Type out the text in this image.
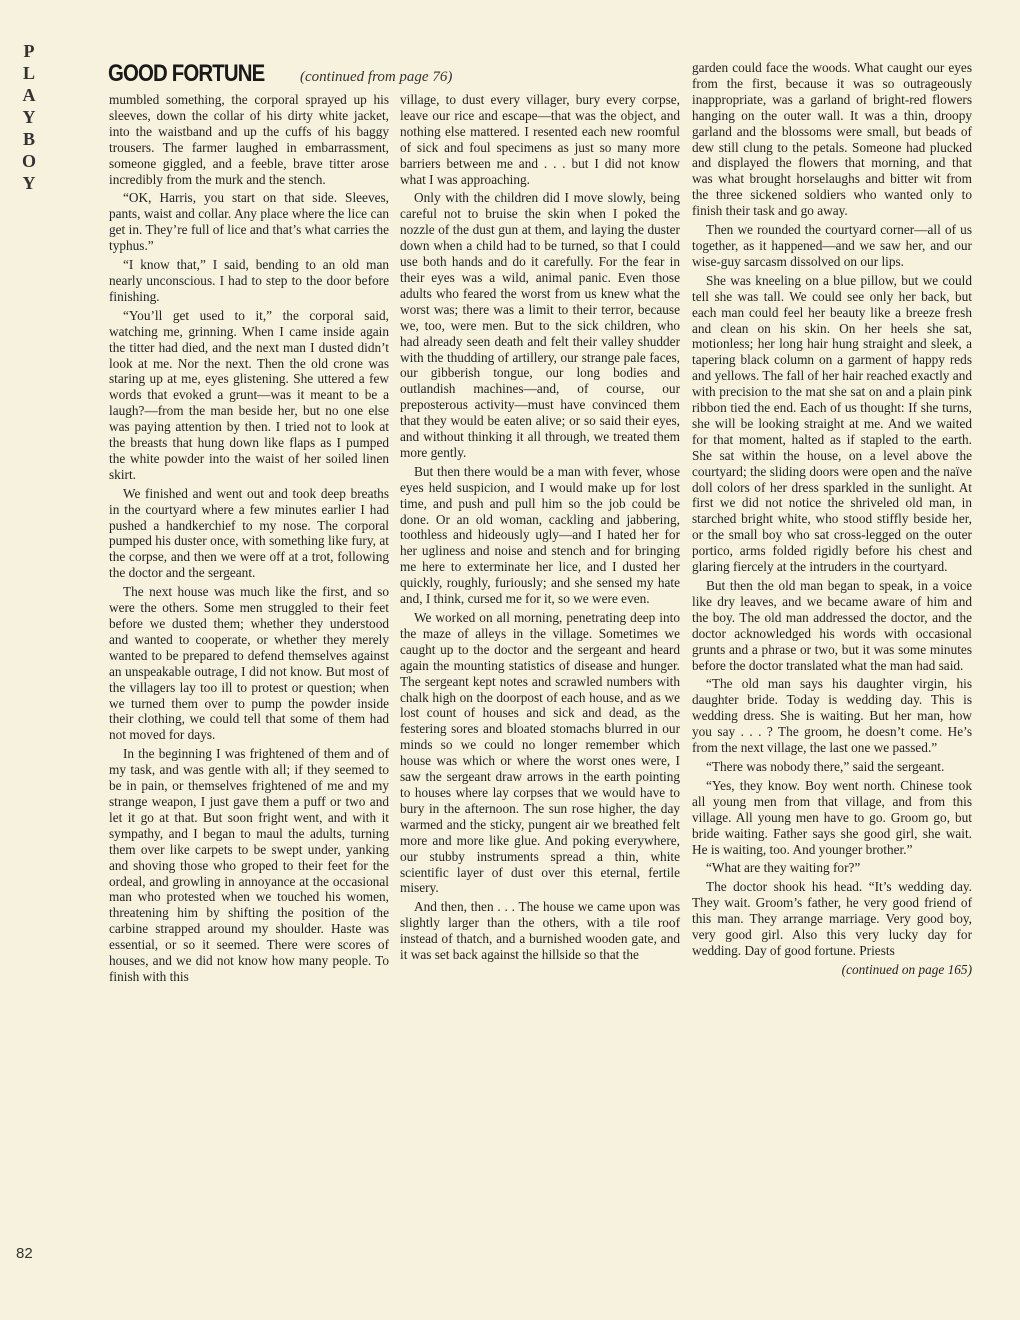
P
L
A
Y
B
O
Y
82
GOOD FORTUNE (continued from page 76)

mumbled something, the corporal sprayed up his sleeves, down the collar of his dirty white jacket, into the waistband and up the cuffs of his baggy trousers. The farmer laughed in embarrassment, someone giggled, and a feeble, brave titter arose incredibly from the murk and the stench.

“OK, Harris, you start on that side. Sleeves, pants, waist and collar. Any place where the lice can get in. They’re full of lice and that’s what carries the typhus.”

“I know that,” I said, bending to an old man nearly unconscious. I had to step to the door before finishing.

“You’ll get used to it,” the corporal said, watching me, grinning. When I came inside again the titter had died, and the next man I dusted didn’t look at me. Nor the next. Then the old crone was staring up at me, eyes glistening. She uttered a few words that evoked a grunt—was it meant to be a laugh?—from the man beside her, but no one else was paying attention by then. I tried not to look at the breasts that hung down like flaps as I pumped the white powder into the waist of her soiled linen skirt.

We finished and went out and took deep breaths in the courtyard where a few minutes earlier I had pushed a handkerchief to my nose. The corporal pumped his duster once, with something like fury, at the corpse, and then we were off at a trot, following the doctor and the sergeant.

The next house was much like the first, and so were the others. Some men struggled to their feet before we dusted them; whether they understood and wanted to cooperate, or whether they merely wanted to be prepared to defend themselves against an unspeakable outrage, I did not know. But most of the villagers lay too ill to protest or question; when we turned them over to pump the powder inside their clothing, we could tell that some of them had not moved for days.

In the beginning I was frightened of them and of my task, and was gentle with all; if they seemed to be in pain, or themselves frightened of me and my strange weapon, I just gave them a puff or two and let it go at that. But soon fright went, and with it sympathy, and I began to maul the adults, turning them over like carpets to be swept under, yanking and shoving those who groped to their feet for the ordeal, and growling in annoyance at the occasional man who protested when we touched his women, threatening him by shifting the position of the carbine strapped around my shoulder. Haste was essential, or so it seemed. There were scores of houses, and we did not know how many people. To finish with this

village, to dust every villager, bury every corpse, leave our rice and escape—that was the object, and nothing else mattered. I resented each new roomful of sick and foul specimens as just so many more barriers between me and . . . but I did not know what I was approaching.

Only with the children did I move slowly, being careful not to bruise the skin when I poked the nozzle of the dust gun at them, and laying the duster down when a child had to be turned, so that I could use both hands and do it carefully. For the fear in their eyes was a wild, animal panic. Even those adults who feared the worst from us knew what the worst was; there was a limit to their terror, because we, too, were men. But to the sick children, who had already seen death and felt their valley shudder with the thudding of artillery, our strange pale faces, our gibberish tongue, our long bodies and outlandish machines—and, of course, our preposterous activity—must have convinced them that they would be eaten alive; or so said their eyes, and without thinking it all through, we treated them more gently.

But then there would be a man with fever, whose eyes held suspicion, and I would make up for lost time, and push and pull him so the job could be done. Or an old woman, cackling and jabbering, toothless and hideously ugly—and I hated her for her ugliness and noise and stench and for bringing me here to exterminate her lice, and I dusted her quickly, roughly, furiously; and she sensed my hate and, I think, cursed me for it, so we were even.

We worked on all morning, penetrating deep into the maze of alleys in the village. Sometimes we caught up to the doctor and the sergeant and heard again the mounting statistics of disease and hunger. The sergeant kept notes and scrawled numbers with chalk high on the doorpost of each house, and as we lost count of houses and sick and dead, as the festering sores and bloated stomachs blurred in our minds so we could no longer remember which house was which or where the worst ones were, I saw the sergeant draw arrows in the earth pointing to houses where lay corpses that we would have to bury in the afternoon. The sun rose higher, the day warmed and the sticky, pungent air we breathed felt more and more like glue. And poking everywhere, our stubby instruments spread a thin, white scientific layer of dust over this eternal, fertile misery.

And then, then . . . The house we came upon was slightly larger than the others, with a tile roof instead of thatch, and a burnished wooden gate, and it was set back against the hillside so that the

garden could face the woods. What caught our eyes from the first, because it was so outrageously inappropriate, was a garland of bright-red flowers hanging on the outer wall. It was a thin, droopy garland and the blossoms were small, but beads of dew still clung to the petals. Someone had plucked and displayed the flowers that morning, and that was what brought horselaughs and bitter wit from the three sickened soldiers who wanted only to finish their task and go away.

Then we rounded the courtyard corner—all of us together, as it happened—and we saw her, and our wise-guy sarcasm dissolved on our lips.

She was kneeling on a blue pillow, but we could tell she was tall. We could see only her back, but each man could feel her beauty like a breeze fresh and clean on his skin. On her heels she sat, motionless; her long hair hung straight and sleek, a tapering black column on a garment of happy reds and yellows. The fall of her hair reached exactly and with precision to the mat she sat on and a plain pink ribbon tied the end. Each of us thought: If she turns, she will be looking straight at me. And we waited for that moment, halted as if stapled to the earth. She sat within the house, on a level above the courtyard; the sliding doors were open and the naïve doll colors of her dress sparkled in the sunlight. At first we did not notice the shriveled old man, in starched bright white, who stood stiffly beside her, or the small boy who sat cross-legged on the outer portico, arms folded rigidly before his chest and glaring fiercely at the intruders in the courtyard.

But then the old man began to speak, in a voice like dry leaves, and we became aware of him and the boy. The old man addressed the doctor, and the doctor acknowledged his words with occasional grunts and a phrase or two, but it was some minutes before the doctor translated what the man had said.

“The old man says his daughter virgin, his daughter bride. Today is wedding day. This is wedding dress. She is waiting. But her man, how you say . . . ? The groom, he doesn’t come. He’s from the next village, the last one we passed.”

“There was nobody there,” said the sergeant.

“Yes, they know. Boy went north. Chinese took all young men from that village, and from this village. All young men have to go. Groom go, but bride waiting. Father says she good girl, she wait. He is waiting, too. And younger brother.”

“What are they waiting for?”

The doctor shook his head. “It’s wedding day. They wait. Groom’s father, he very good friend of this man. They arrange marriage. Very good boy, very good girl. Also this very lucky day for wedding. Day of good fortune. Priests

(continued on page 165)
